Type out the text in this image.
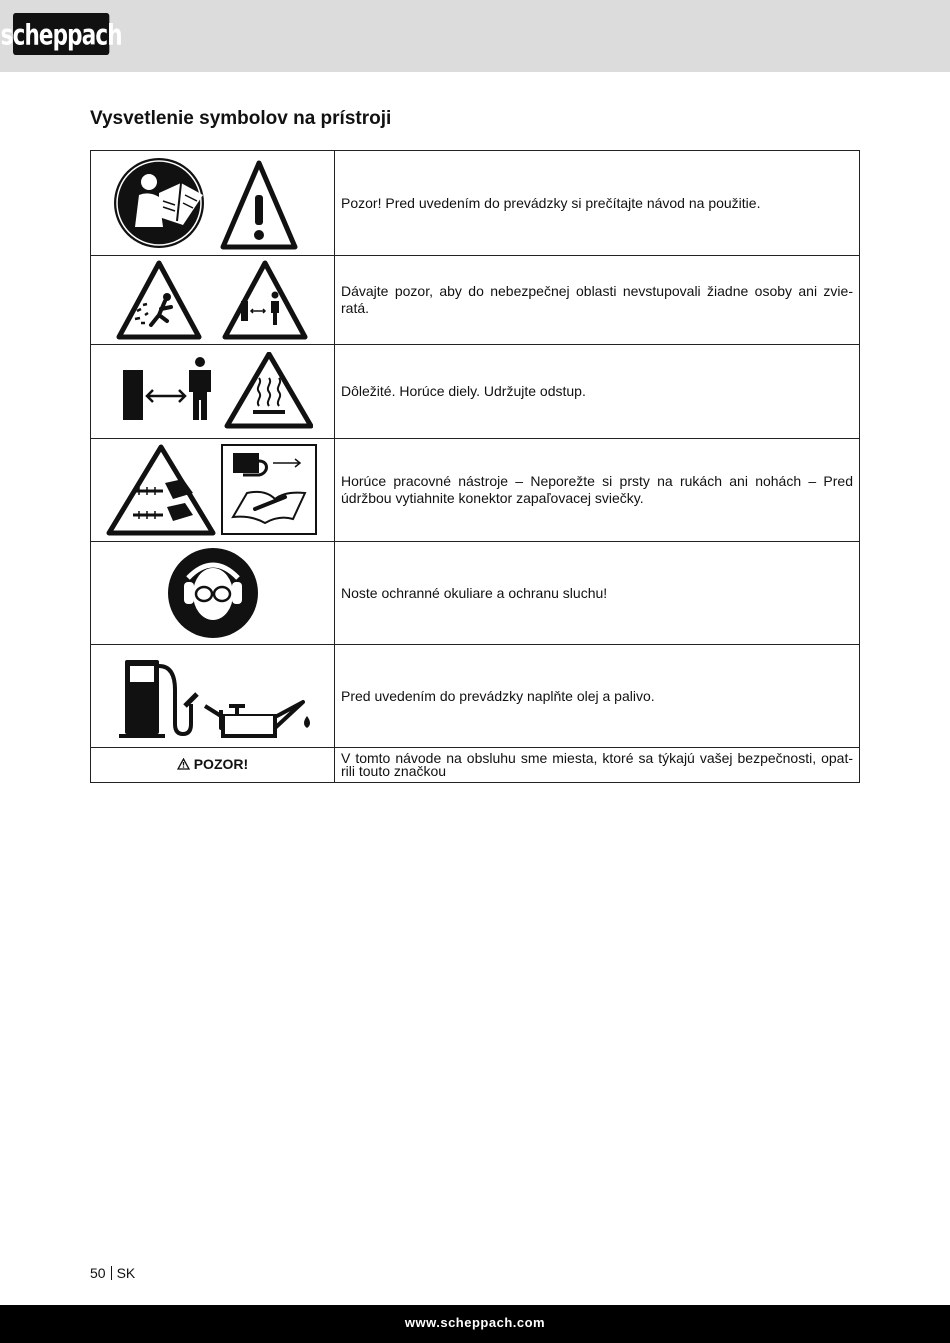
scheppach
Vysvetlenie symbolov na prístroji
	Pozor! Pred uvedením do prevádzky si prečítajte návod na použitie.
	Dávajte pozor, aby do nebezpečnej oblasti nevstupovali žiadne osoby ani zvie-ratá.
	Dôležité. Horúce diely. Udržujte odstup.
	Horúce pracovné nástroje – Neporežte si prsty na rukách ani nohách – Pred údržbou vytiahnite konektor zapaľovacej sviečky.
	Noste ochranné okuliare a ochranu sluchu!
	Pred uvedením do prevádzky naplňte olej a palivo.
POZOR!	V tomto návode na obsluhu sme miesta, ktoré sa týkajú vašej bezpečnosti, opat-rili touto značkou
50 SK
www.scheppach.com
